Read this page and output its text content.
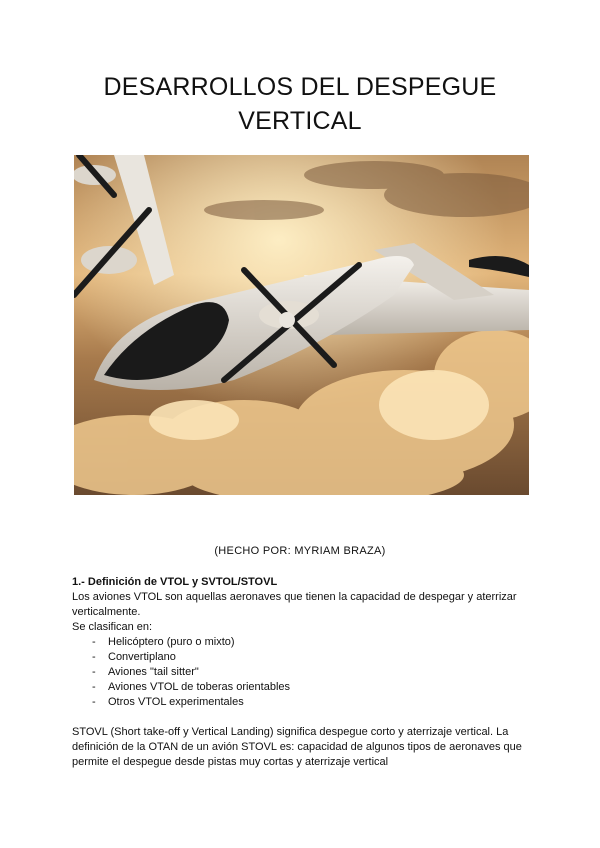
DESARROLLOS DEL DESPEGUE
VERTICAL
(HECHO POR: MYRIAM BRAZA)
1.- Definición de VTOL y SVTOL/STOVL

Los aviones VTOL son aquellas aeronaves que tienen la capacidad de despegar y aterrizar verticalmente.

Se clasifican en:

- Helicóptero (puro o mixto)
- Convertiplano
- Aviones "tail sitter"
- Aviones VTOL de toberas orientables
- Otros VTOL experimentales

STOVL (Short take-off y Vertical Landing) significa despegue corto y aterrizaje vertical. La definición de la OTAN de un avión STOVL es: capacidad de algunos tipos de aeronaves que permite el despegue desde pistas muy cortas y aterrizaje vertical
